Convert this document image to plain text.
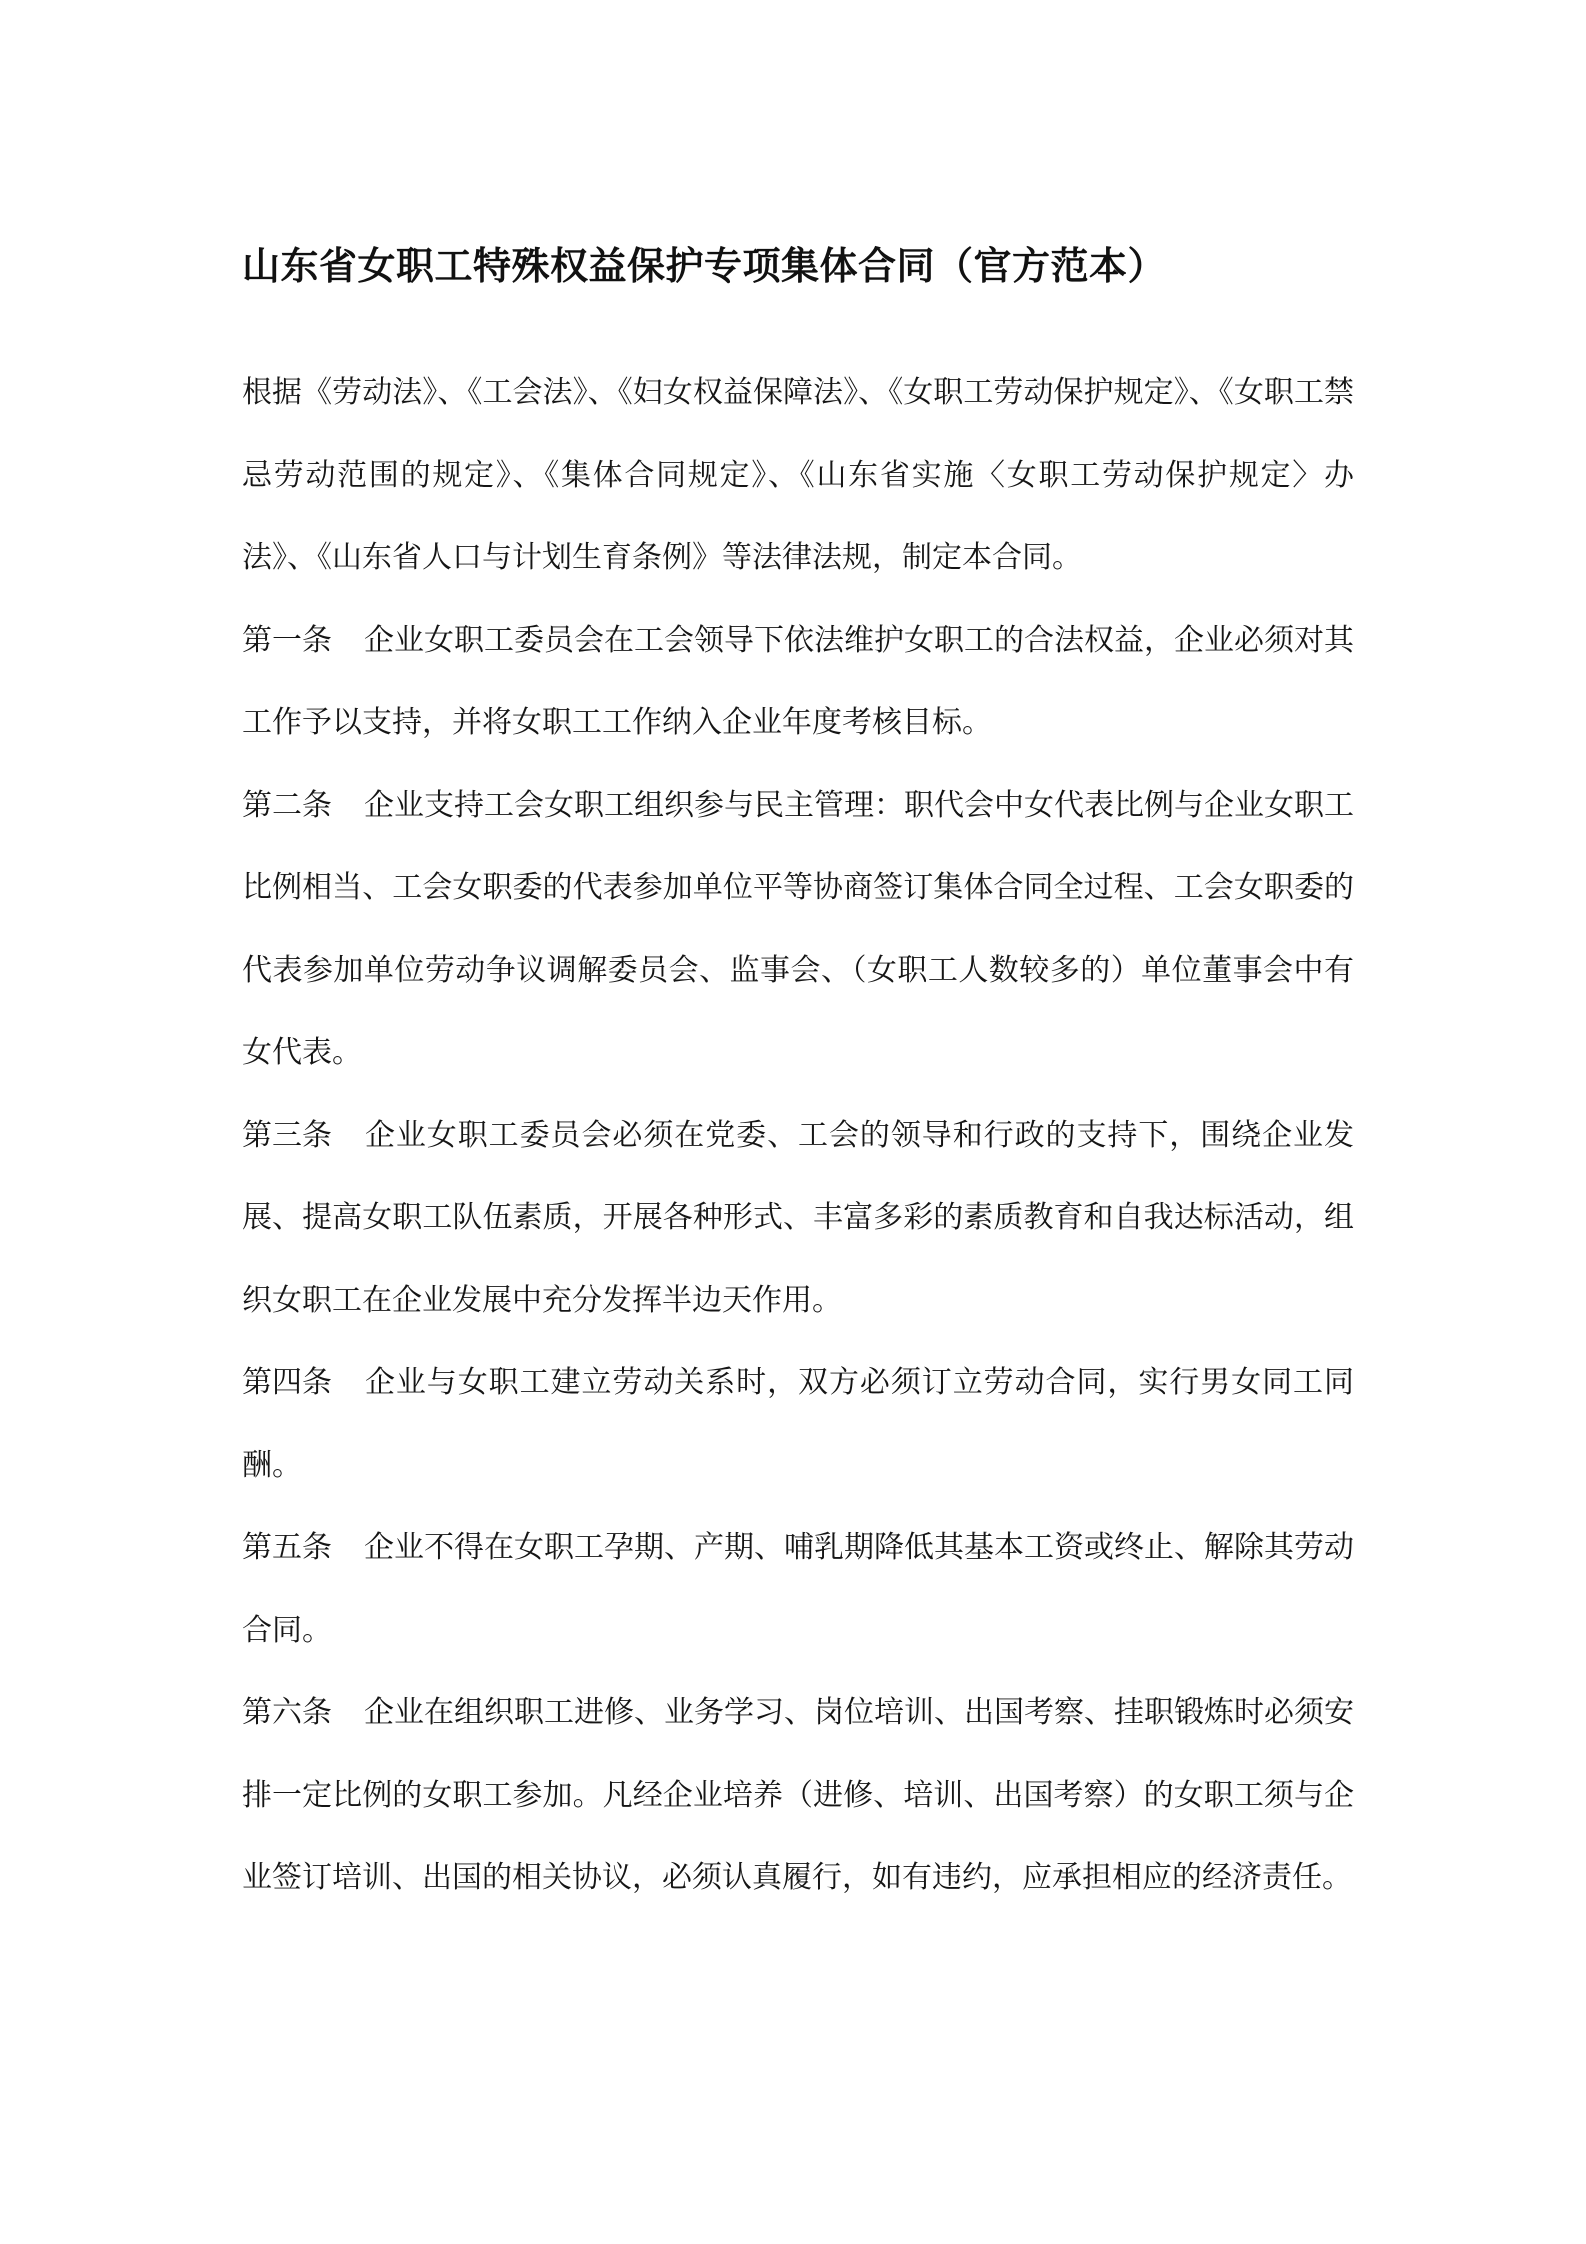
山东省女职工特殊权益保护专项集体合同（官方范本）

根据《劳动法》、《工会法》、《妇女权益保障法》、《女职工劳动保护规定》、《女职工禁忌劳动范围的规定》、《集体合同规定》、《山东省实施〈女职工劳动保护规定〉办法》、《山东省人口与计划生育条例》等法律法规，制定本合同。

第一条 企业女职工委员会在工会领导下依法维护女职工的合法权益，企业必须对其工作予以支持，并将女职工工作纳入企业年度考核目标。

第二条 企业支持工会女职工组织参与民主管理：职代会中女代表比例与企业女职工比例相当、工会女职委的代表参加单位平等协商签订集体合同全过程、工会女职委的代表参加单位劳动争议调解委员会、监事会、（女职工人数较多的）单位董事会中有女代表。

第三条 企业女职工委员会必须在党委、工会的领导和行政的支持下，围绕企业发展、提高女职工队伍素质，开展各种形式、丰富多彩的素质教育和自我达标活动，组织女职工在企业发展中充分发挥半边天作用。

第四条 企业与女职工建立劳动关系时，双方必须订立劳动合同，实行男女同工同酬。

第五条 企业不得在女职工孕期、产期、哺乳期降低其基本工资或终止、解除其劳动合同。

第六条 企业在组织职工进修、业务学习、岗位培训、出国考察、挂职锻炼时必须安排一定比例的女职工参加。凡经企业培养（进修、培训、出国考察）的女职工须与企业签订培训、出国的相关协议，必须认真履行，如有违约，应承担相应的经济责任。
